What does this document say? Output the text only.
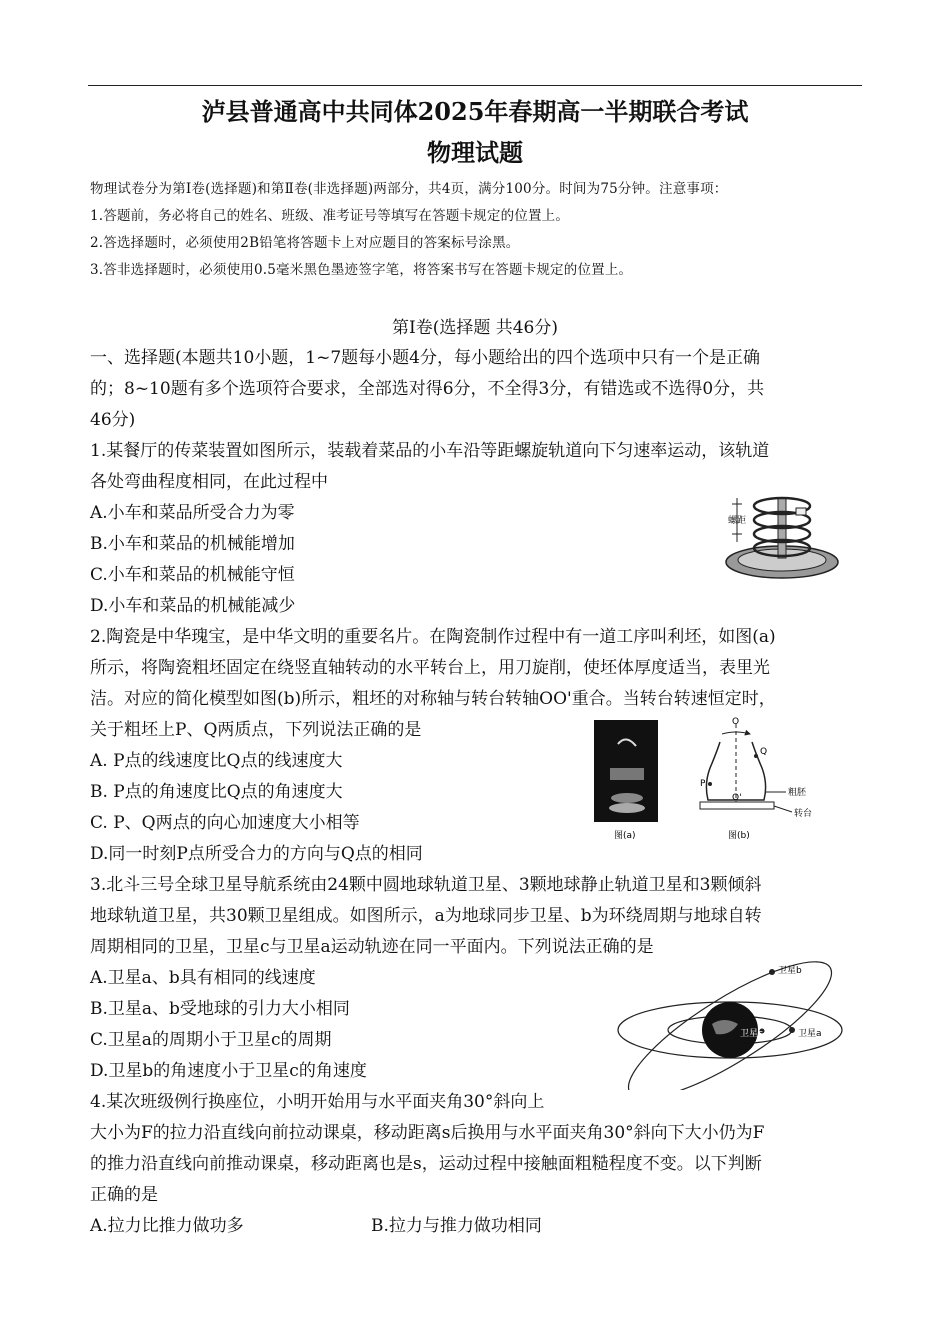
泸县普通高中共同体2025年春期高一半期联合考试
物理试题
物理试卷分为第Ⅰ卷(选择题)和第Ⅱ卷(非选择题)两部分，共4页，满分100分。时间为75分钟。注意事项：
1.答题前，务必将自己的姓名、班级、准考证号等填写在答题卡规定的位置上。
2.答选择题时，必须使用2B铅笔将答题卡上对应题目的答案标号涂黑。
3.答非选择题时，必须使用0.5毫米黑色墨迹签字笔，将答案书写在答题卡规定的位置上。
第Ⅰ卷(选择题 共46分)
一、选择题(本题共10小题，1~7题每小题4分，每小题给出的四个选项中只有一个是正确
的；8~10题有多个选项符合要求，全部选对得6分，不全得3分，有错选或不选得0分，共
46分)
1.某餐厅的传菜装置如图所示，装载着菜品的小车沿等距螺旋轨道向下匀速率运动，该轨道
各处弯曲程度相同，在此过程中
A.小车和菜品所受合力为零
B.小车和菜品的机械能增加
C.小车和菜品的机械能守恒
D.小车和菜品的机械能减少
螺距
2.陶瓷是中华瑰宝，是中华文明的重要名片。在陶瓷制作过程中有一道工序叫利坯，如图(a)
所示，将陶瓷粗坯固定在绕竖直轴转动的水平转台上，用刀旋削，使坯体厚度适当，表里光
洁。对应的简化模型如图(b)所示，粗坯的对称轴与转台转轴OO'重合。当转台转速恒定时，
关于粗坯上P、Q两质点，下列说法正确的是
A. P点的线速度比Q点的线速度大
B. P点的角速度比Q点的角速度大
C. P、Q两点的向心加速度大小相等
D.同一时刻P点所受合力的方向与Q点的相同
图(a)
O
O'
P
Q
粗胚
转台
图(b)
3.北斗三号全球卫星导航系统由24颗中圆地球轨道卫星、3颗地球静止轨道卫星和3颗倾斜
地球轨道卫星，共30颗卫星组成。如图所示，a为地球同步卫星、b为环绕周期与地球自转
周期相同的卫星，卫星c与卫星a运动轨迹在同一平面内。下列说法正确的是
A.卫星a、b具有相同的线速度
B.卫星a、b受地球的引力大小相同
C.卫星a的周期小于卫星c的周期
D.卫星b的角速度小于卫星c的角速度
卫星a
卫星b
卫星c
4.某次班级例行换座位，小明开始用与水平面夹角30°斜向上
大小为F的拉力沿直线向前拉动课桌，移动距离s后换用与水平面夹角30°斜向下大小仍为F
的推力沿直线向前推动课桌，移动距离也是s，运动过程中接触面粗糙程度不变。以下判断
正确的是
A.拉力比推力做功多	B.拉力与推力做功相同
